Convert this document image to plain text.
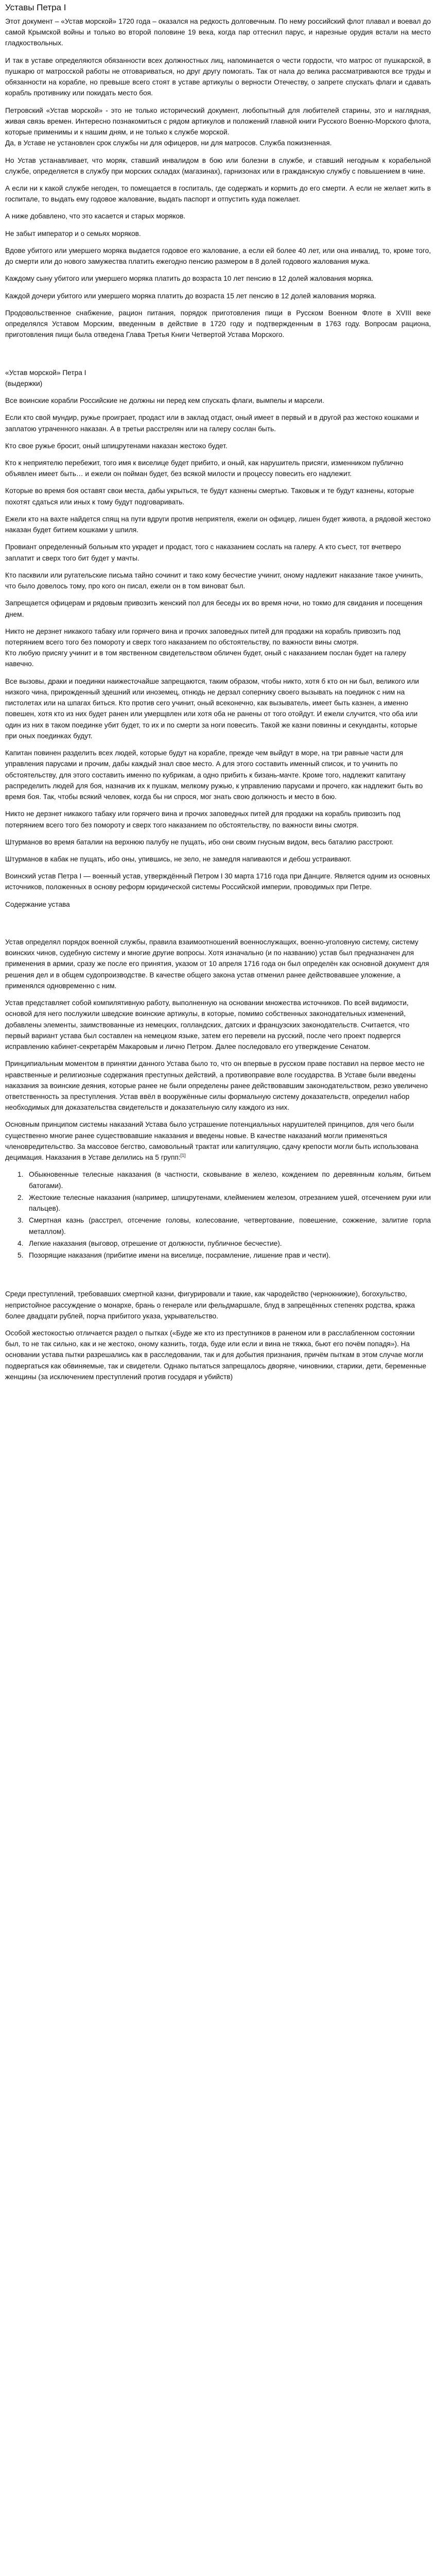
Уставы Петра I

Этот документ – «Устав морской» 1720 года – оказался на редкость долговечным. По нему российский флот плавал и воевал до самой Крымской войны и только во второй половине 19 века, когда пар оттеснил парус, и нарезные орудия встали на место гладкоствольных.

И так в уставе определяются обязанности всех должностных лиц, напоминается о чести гордости, что матрос от пушкарской, в пушкарю от матросской работы не отговариваться, но друг другу помогать. Так от нала до велика рассматриваются все труды и обязанности на корабле, но превыше всего стоят в уставе артикулы о верности Отечеству, о запрете спускать флаги и сдавать корабль противнику или покидать место боя.

Петровский «Устав морской» - это не только исторический документ, любопытный для любителей старины, это и наглядная, живая связь времен. Интересно познакомиться с рядом артикулов и положений главной книги Русского Военно-Морского флота, которые применимы и к нашим дням, и не только к службе морской.
Да, в Уставе не установлен срок службы ни для офицеров, ни для матросов. Служба пожизненная.

Но Устав устанавливает, что моряк, ставший инвалидом в бою или болезни в службе, и ставший негодным к корабельной службе, определяется в службу при морских складах (магазинах), гарнизонах или в гражданскую службу с повышением в чине.

А если ни к какой службе негоден, то помещается в госпиталь, где содержать и кормить до его смерти. А если не желает жить в госпитале, то выдать ему годовое жалование, выдать паспорт и отпустить куда пожелает.

А ниже добавлено, что это касается и старых моряков.

Не забыт император и о семьях моряков.

Вдове убитого или умершего моряка выдается годовое его жалование, а если ей более 40 лет, или она инвалид, то, кроме того, до смерти или до нового замужества платить ежегодно пенсию размером в 8 долей годового жалования мужа.

Каждому сыну убитого или умершего моряка платить до возраста 10 лет пенсию в 12 долей жалования моряка.

Каждой дочери убитого или умершего моряка платить до возраста 15 лет пенсию в 12 долей жалования моряка.

Продовольственное снабжение, рацион питания, порядок приготовления пищи в Русском Военном Флоте в XVIII веке определялся Уставом Морским, введенным в действие в 1720 году и подтвержденным в 1763 году. Вопросам рациона, приготовления пищи была отведена Глава Третья Книги Четвертой Устава Морского.

«Устав морской» Петра I

(выдержки)

Все воинские корабли Российские не должны ни перед кем спускать флаги, вымпелы и марсели.

Если кто свой мундир, ружье проиграет, продаст или в заклад отдаст, оный имеет в первый и в другой раз жестоко кошками и заплатою утраченного наказан. А в третьи расстрелян или на галеру сослан быть.

Кто свое ружье бросит, оный шпицрутенами наказан жестоко будет.

Кто к неприятелю перебежит, того имя к виселице будет прибито, и оный, как нарушитель присяги, изменником публично объявлен имеет быть… и ежели он пойман будет, без всякой милости и процессу повесить его надлежит.

Которые во время боя оставят свои места, дабы укрыться, те будут казнены смертью. Таковыж и те будут казнены, которые похотят сдаться или иных к тому будут подговаривать.

Ежели кто на вахте найдется спящ на пути вдруги против неприятеля, ежели он офицер, лишен будет живота, а рядовой жестоко наказан будет битием кошками у шпиля.

Провиант определенный больным кто украдет и продаст, того с наказанием сослать на галеру. А кто съест, тот вчетверо заплатит и сверх того бит будет у мачты.

Кто пасквили или ругательские письма тайно сочинит и тако кому бесчестие учинит, оному надлежит наказание такое учинить, что было довелось тому, про кого он писал, ежели он в том виноват был.

Запрещается офицерам и рядовым привозить женский пол для беседы их во время ночи, но токмо для свидания и посещения днем.

Никто не дерзнет никакого табаку или горячего вина и прочих заповедных питей для продажи на корабль привозить под потерянием всего того без помороту и сверх того наказанием по обстоятельству, по важности вины смотря.
Кто любую присягу учинит и в том явственном свидетельством обличен будет, оный с наказанием послан будет на галеру навечно.

Все вызовы, драки и поединки наижесточайше запрещаются, таким образом, чтобы никто, хотя б кто он ни был, великого или низкого чина, прирожденный здешний или иноземец, отнюдь не дерзал сопернику своего вызывать на поединок с ним на пистолетах или на шпагах биться. Кто против сего учинит, оный всеконечно, как вызыватель, имеет быть казнен, а именно повешен, хотя кто из них будет ранен или умерщвлен или хотя оба не ранены от того отойдут. И ежели случится, что оба или один из них в таком поединке убит будет, то их и по смерти за ноги повесить. Такой же казни повинны и секунданты, которые при оных поединках будут.

Капитан повинен разделить всех людей, которые будут на корабле, прежде чем выйдут в море, на три равные части для управления парусами и прочим, дабы каждый знал свое место. А для этого составить именный список, и то учинить по обстоятельству, для этого составить именно по кубрикам, а одно прибить к бизань-мачте. Кроме того, надлежит капитану распределить людей для боя, назначив их к пушкам, мелкому ружью, к управлению парусами и прочего, как надлежит быть во время боя. Так, чтобы всякий человек, когда бы ни спрося, мог знать свою должность и место в бою.

Никто не дерзнет никакого табаку или горячего вина и прочих заповедных питей для продажи на корабль привозить под потерянием всего того без помороту и сверх того наказанием по обстоятельству, по важности вины смотря.

Штурманов во время баталии на верхнюю палубу не пущать, ибо они своим гнусным видом, весь баталию расстроют.

Штурманов в кабак не пущать, ибо оны, упившись, не зело, не замедля напиваются и дебош устраивают.

Воинский устав Петра I — военный устав, утверждённый Петром I 30 марта 1716 года при Данциге. Является одним из основных источников, положенных в основу реформ юридической системы Российской империи, проводимых при Петре.

Содержание устава

Устав определял порядок военной службы, правила взаимоотношений военнослужащих, военно-уголовную систему, систему воинских чинов, судебную систему и многие другие вопросы. Хотя изначально (и по названию) устав был предназначен для применения в армии, сразу же после его принятия, указом от 10 апреля 1716 года он был определён как основной документ для решения дел и в общем судопроизводстве. В качестве общего закона устав отменил ранее действовавшее уложение, а применялся одновременно с ним.

Устав представляет собой компилятивную работу, выполненную на основании множества источников. По всей видимости, основой для него послужили шведские воинские артикулы, в которые, помимо собственных законодательных изменений, добавлены элементы, заимствованные из немецких, голландских, датских и французских законодательств. Считается, что первый вариант устава был составлен на немецком языке, затем его перевели на русский, после чего проект подвергся исправлению кабинет-секретарём Макаровым и лично Петром. Далее последовало его утверждение Сенатом.

Принципиальным моментом в принятии данного Устава было то, что он впервые в русском праве поставил на первое место не нравственные и религиозные содержания преступных действий, а противоправие воле государства. В Уставе были введены наказания за воинские деяния, которые ранее не были определены ранее действовавшим законодательством, резко увеличено ответственность за преступления. Устав ввёл в вооружённые силы формальную систему доказательств, определил набор необходимых для доказательства свидетельств и доказательную силу каждого из них.

Основным принципом системы наказаний Устава было устрашение потенциальных нарушителей принципов, для чего были существенно многие ранее существовавшие наказания и введены новые. В качестве наказаний могли применяться членовредительство. За массовое бегство, самовольный трактат или капитуляцию, сдачу крепости могли быть использована децимация. Наказания в Уставе делились на 5 групп:[1]

1. Обыкновенные телесные наказания (в частности, сковывание в железо, кождением по деревянным кольям, битьем батогами).
2. Жестокие телесные наказания (например, шпицрутенами, клеймением железом, отрезанием ушей, отсечением руки или пальцев).
3. Смертная казнь (расстрел, отсечение головы, колесование, четвертование, повешение, сожжение, залитие горла металлом).
4. Легкие наказания (выговор, отрешение от должности, публичное бесчестие).
5. Позорящие наказания (прибитие имени на виселице, посрамление, лишение прав и чести).

Среди преступлений, требовавших смертной казни, фигурировали и такие, как чародейство (чернокнижие), богохульство, непристойное рассуждение о монархе, брань о генерале или фельдмаршале, блуд в запрещённых степенях родства, кража более двадцати рублей, порча прибитого указа, укрывательство.

Особой жестокостью отличается раздел о пытках («Буде же кто из преступников в раненом или в расслабленном состоянии был, то не так сильно, как и не жестоко, оному казнить, тогда, буде или если и вина не тяжка, бьют его почём попадя»). На основании устава пытки разрешались как в расследовании, так и для добытия признания, причём пыткам в этом случае могли подвергаться как обвиняемые, так и свидетели. Однако пытаться запрещалось дворяне, чиновники, старики, дети, беременные женщины (за исключением преступлений против государя и убийств)
